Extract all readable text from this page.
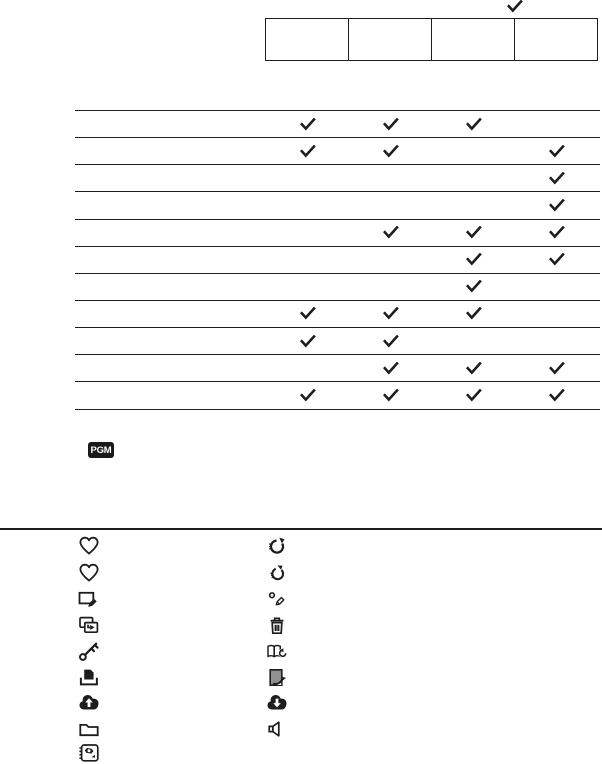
PGM
